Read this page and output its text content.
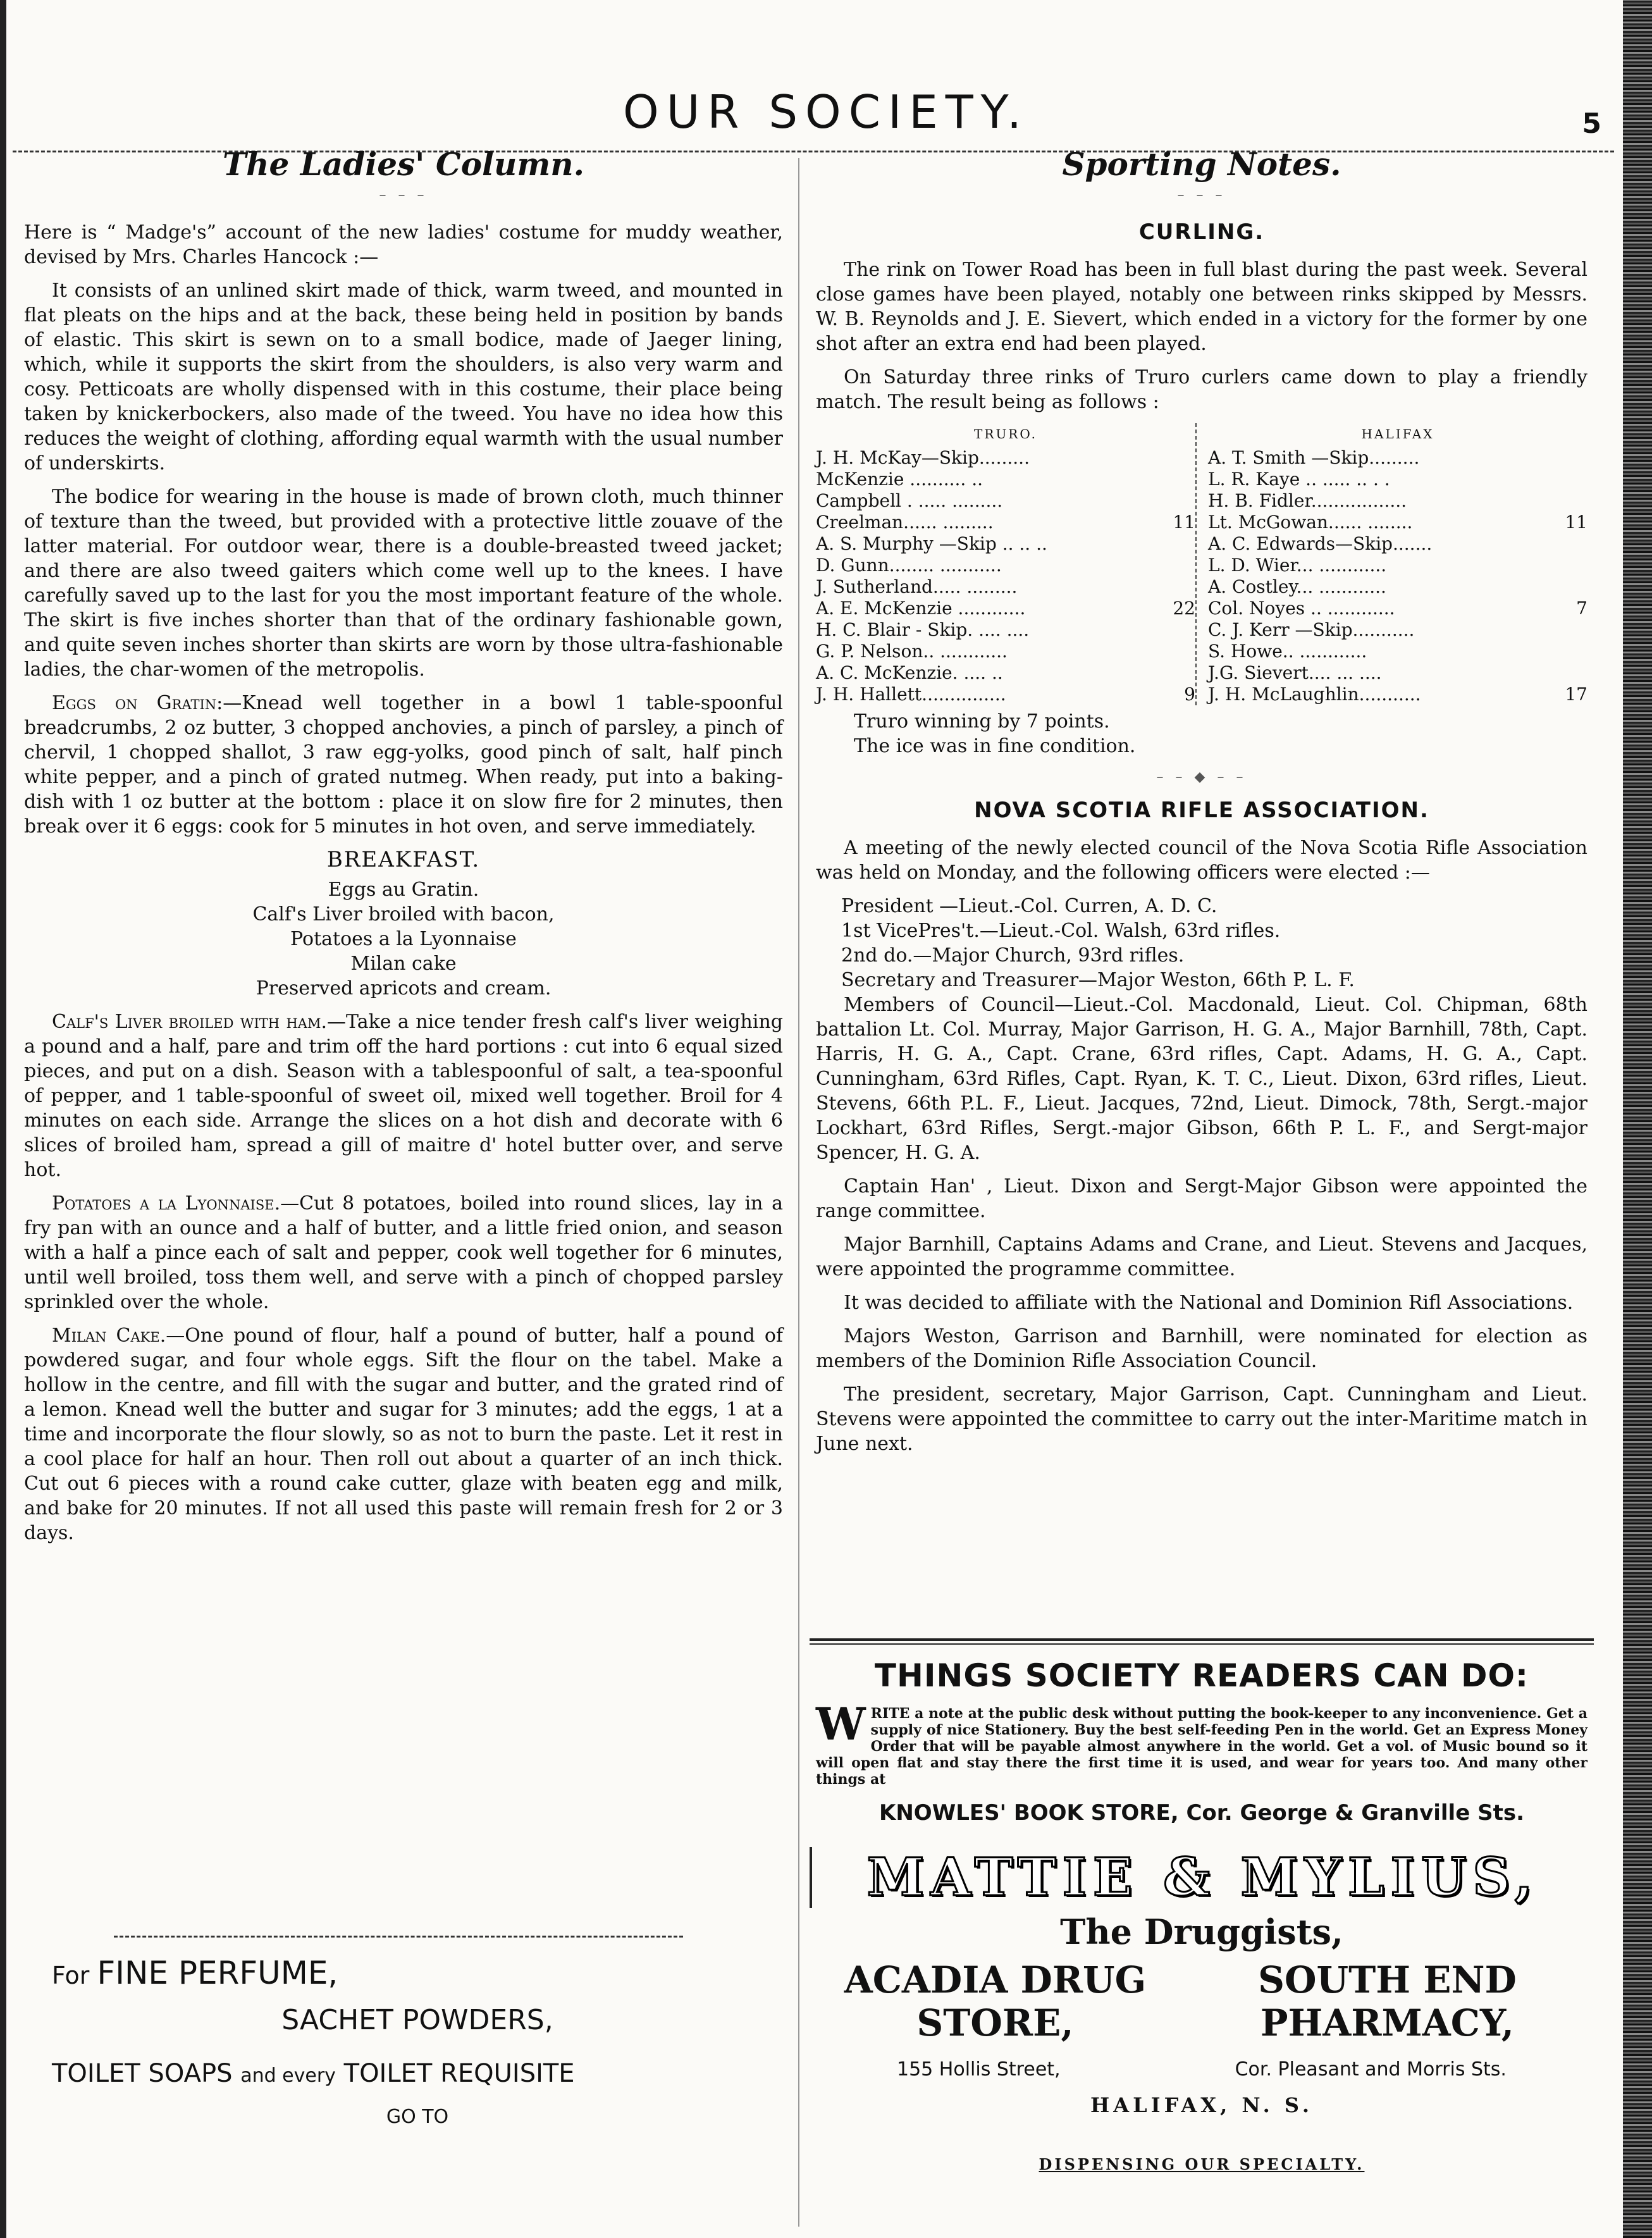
OUR SOCIETY.	5
The Ladies' Column.
– – –

Here is “ Madge's” account of the new ladies' costume for muddy weather, devised by Mrs. Charles Hancock :—

It consists of an unlined skirt made of thick, warm tweed, and mounted in flat pleats on the hips and at the back, these being held in position by bands of elastic. This skirt is sewn on to a small bodice, made of Jaeger lining, which, while it supports the skirt from the shoulders, is also very warm and cosy. Petticoats are wholly dispensed with in this costume, their place being taken by knickerbockers, also made of the tweed. You have no idea how this reduces the weight of clothing, affording equal warmth with the usual number of underskirts.

The bodice for wearing in the house is made of brown cloth, much thinner of texture than the tweed, but provided with a protective little zouave of the latter material. For outdoor wear, there is a double-breasted tweed jacket; and there are also tweed gaiters which come well up to the knees. I have carefully saved up to the last for you the most important feature of the whole. The skirt is five inches shorter than that of the ordinary fashionable gown, and quite seven inches shorter than skirts are worn by those ultra-fashionable ladies, the char-women of the metropolis.

Eggs on Gratin:—Knead well together in a bowl 1 table-spoonful breadcrumbs, 2 oz butter, 3 chopped anchovies, a pinch of parsley, a pinch of chervil, 1 chopped shallot, 3 raw egg-yolks, good pinch of salt, half pinch white pepper, and a pinch of grated nutmeg. When ready, put into a baking-dish with 1 oz butter at the bottom : place it on slow fire for 2 minutes, then break over it 6 eggs: cook for 5 minutes in hot oven, and serve immediately.

BREAKFAST.

Eggs au Gratin.

Calf's Liver broiled with bacon,

Potatoes a la Lyonnaise

Milan cake

Preserved apricots and cream.

Calf's Liver broiled with ham.—Take a nice tender fresh calf's liver weighing a pound and a half, pare and trim off the hard portions : cut into 6 equal sized pieces, and put on a dish. Season with a tablespoonful of salt, a tea-spoonful of pepper, and 1 table-spoonful of sweet oil, mixed well together. Broil for 4 minutes on each side. Arrange the slices on a hot dish and decorate with 6 slices of broiled ham, spread a gill of maitre d' hotel butter over, and serve hot.

Potatoes a la Lyonnaise.—Cut 8 potatoes, boiled into round slices, lay in a fry pan with an ounce and a half of butter, and a little fried onion, and season with a half a pince each of salt and pepper, cook well together for 6 minutes, until well broiled, toss them well, and serve with a pinch of chopped parsley sprinkled over the whole.

Milan Cake.—One pound of flour, half a pound of butter, half a pound of powdered sugar, and four whole eggs. Sift the flour on the tabel. Make a hollow in the centre, and fill with the sugar and butter, and the grated rind of a lemon. Knead well the butter and sugar for 3 minutes; add the eggs, 1 at a time and incorporate the flour slowly, so as not to burn the paste. Let it rest in a cool place for half an hour. Then roll out about a quarter of an inch thick. Cut out 6 pieces with a round cake cutter, glaze with beaten egg and milk, and bake for 20 minutes. If not all used this paste will remain fresh for 2 or 3 days.

For FINE PERFUME,

SACHET POWDERS,

TOILET SOAPS and every TOILET REQUISITE

GO TO

Sporting Notes.
– – –
CURLING.

The rink on Tower Road has been in full blast during the past week. Several close games have been played, notably one between rinks skipped by Messrs. W. B. Reynolds and J. E. Sievert, which ended in a victory for the former by one shot after an extra end had been played.

On Saturday three rinks of Truro curlers came down to play a friendly match. The result being as follows :

TRURO.
J. H. McKay—Skip.........
McKenzie .......... ..
Campbell . ..... .........
Creelman...... .........	11
A. S. Murphy —Skip .. .. ..
D. Gunn........ ...........
J. Sutherland..... .........
A. E. McKenzie ............	22
H. C. Blair - Skip. .... ....
G. P. Nelson.. ............
A. C. McKenzie. .... ..
J. H. Hallett...............	9
HALIFAX
A. T. Smith —Skip.........
L. R. Kaye .. ..... .. . .
H. B. Fidler.................
Lt. McGowan...... ........	11
A. C. Edwards—Skip.......
L. D. Wier... ............
A. Costley... ............
Col. Noyes .. ............	7
C. J. Kerr —Skip...........
S. Howe.. ............
J.G. Sievert.... ... ....
J. H. McLaughlin...........	17

Truro winning by 7 points.

The ice was in fine condition.

– – ◆ – –
NOVA SCOTIA RIFLE ASSOCIATION.

A meeting of the newly elected council of the Nova Scotia Rifle Association was held on Monday, and the following officers were elected :—

President —Lieut.-Col. Curren, A. D. C.

1st VicePres't.—Lieut.-Col. Walsh, 63rd rifles.

2nd do.—Major Church, 93rd rifles.

Secretary and Treasurer—Major Weston, 66th P. L. F.

Members of Council—Lieut.-Col. Macdonald, Lieut. Col. Chipman, 68th battalion Lt. Col. Murray, Major Garrison, H. G. A., Major Barnhill, 78th, Capt. Harris, H. G. A., Capt. Crane, 63rd rifles, Capt. Adams, H. G. A., Capt. Cunningham, 63rd Rifles, Capt. Ryan, K. T. C., Lieut. Dixon, 63rd rifles, Lieut. Stevens, 66th P.L. F., Lieut. Jacques, 72nd, Lieut. Dimock, 78th, Sergt.-major Lockhart, 63rd Rifles, Sergt.-major Gibson, 66th P. L. F., and Sergt-major Spencer, H. G. A.

Captain Han' , Lieut. Dixon and Sergt-Major Gibson were appointed the range committee.

Major Barnhill, Captains Adams and Crane, and Lieut. Stevens and Jacques, were appointed the programme committee.

It was decided to affiliate with the National and Dominion Rifl Associations.

Majors Weston, Garrison and Barnhill, were nominated for election as members of the Dominion Rifle Association Council.

The president, secretary, Major Garrison, Capt. Cunningham and Lieut. Stevens were appointed the committee to carry out the inter-Maritime match in June next.

THINGS SOCIETY READERS CAN DO:
WRITE a note at the public desk without putting the book-keeper to any inconvenience. Get a supply of nice Stationery. Buy the best self-feeding Pen in the world. Get an Express Money Order that will be payable almost anywhere in the world. Get a vol. of Music bound so it will open flat and stay there the first time it is used, and wear for years too. And many other things at
KNOWLES' BOOK STORE, Cor. George & Granville Sts.
MATTIE & MYLIUS,
The Druggists,
ACADIA DRUG STORE,
SOUTH END PHARMACY,
155 Hollis Street,	Cor. Pleasant and Morris Sts.
HALIFAX, N. S.
DISPENSING OUR SPECIALTY.
